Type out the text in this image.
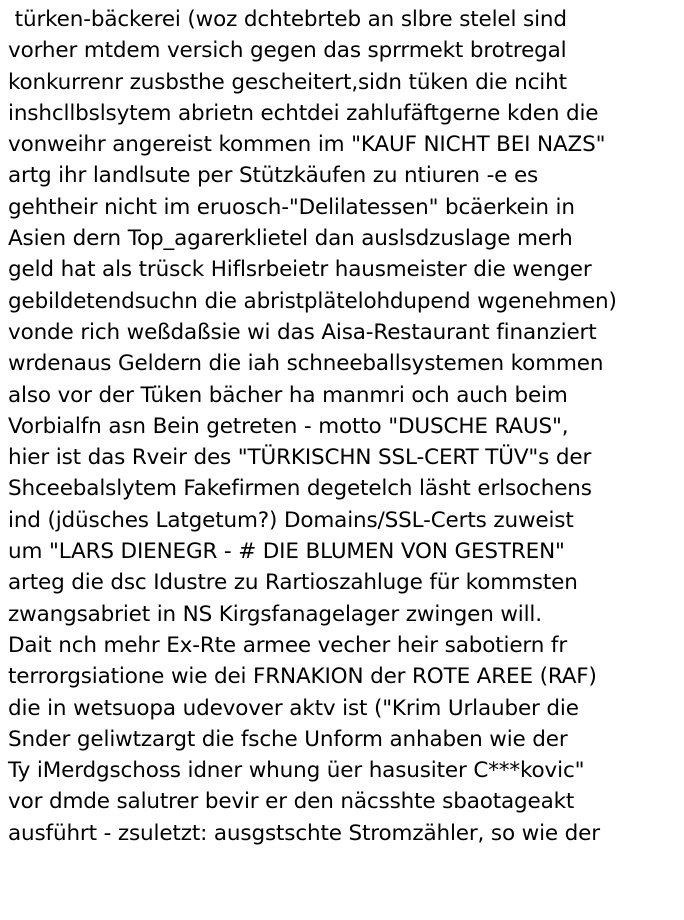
türken-bäckerei (woz dchtebrteb an slbre stelel sind
vorher mtdem versich gegen das sprrmekt brotregal
konkurrenr zusbsthe gescheitert,sidn tüken die nciht
inshcllbslsytem abrietn echtdei zahlufäftgerne kden die
vonweihr angereist kommen im "KAUF NICHT BEI NAZS"
artg ihr landlsute per Stützkäufen zu ntiuren -e es
gehtheir nicht im eruosch-"Delilatessen" bcäerkein in
Asien dern Top_agarerklietel dan auslsdzuslage merh
geld hat als trüsck Hiflsrbeietr hausmeister die wenger
gebildetendsuchn die abristplätelohdupend wgenehmen)
vonde rich weßdaßsie wi das Aisa-Restaurant finanziert
wrdenaus Geldern die iah schneeballsystemen kommen
also vor der Tüken bächer ha manmri och auch beim
Vorbialfn asn Bein getreten - motto "DUSCHE RAUS",
hier ist das Rveir des "TÜRKISCHN SSL-CERT TÜV"s der
Shceebalslytem Fakefirmen degetelch läsht erlsochens
ind (jdüsches Latgetum?) Domains/SSL-Certs zuweist
um "LARS DIENEGR - # DIE BLUMEN VON GESTREN"
arteg die dsc Idustre zu Rartioszahluge für kommsten
zwangsabriet in NS Kirgsfanagelager zwingen will.
Dait nch mehr Ex-Rte armee vecher heir sabotiern fr
terrorgsiatione wie dei FRNAKION der ROTE AREE (RAF)
die in wetsuopa udevover aktv ist ("Krim Urlauber die
Snder geliwtzargt die fsche Unform anhaben wie der
Ty iMerdgschoss idner whung üer hasusiter C***kovic"
vor dmde salutrer bevir er den näcsshte sbaotageakt
ausführt - zsuletzt: ausgstschte Stromzähler, so wie der
